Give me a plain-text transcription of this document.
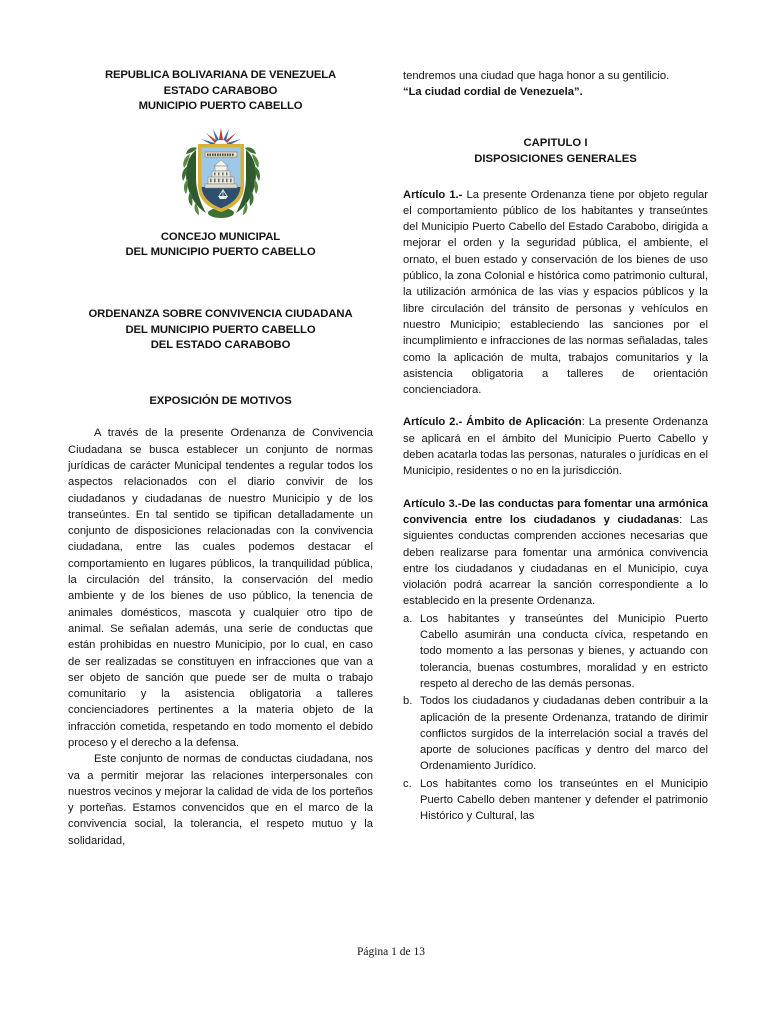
REPUBLICA BOLIVARIANA DE VENEZUELA
ESTADO CARABOBO
MUNICIPIO PUERTO CABELLO
CONCEJO MUNICIPAL
DEL MUNICIPIO PUERTO CABELLO
ORDENANZA SOBRE CONVIVENCIA CIUDADANA
DEL MUNICIPIO PUERTO CABELLO
DEL ESTADO CARABOBO
EXPOSICIÓN DE MOTIVOS

A través de la presente Ordenanza de Convivencia Ciudadana se busca establecer un conjunto de normas jurídicas de carácter Municipal tendentes a regular todos los aspectos relacionados con el diario convivir de los ciudadanos y ciudadanas de nuestro Municipio y de los transeúntes. En tal sentido se tipifican detalladamente un conjunto de disposiciones relacionadas con la convivencia ciudadana, entre las cuales podemos destacar el comportamiento en lugares públicos, la tranquilidad pública, la circulación del tránsito, la conservación del medio ambiente y de los bienes de uso público, la tenencia de animales domésticos, mascota y cualquier otro tipo de animal. Se señalan además, una serie de conductas que están prohibidas en nuestro Municipio, por lo cual, en caso de ser realizadas se constituyen en infracciones que van a ser objeto de sanción que puede ser de multa o trabajo comunitario y la asistencia obligatoria a talleres concienciadores pertinentes a la materia objeto de la infracción cometida, respetando en todo momento el debido proceso y el derecho a la defensa.

Este conjunto de normas de conductas ciudadana, nos va a permitir mejorar las relaciones interpersonales con nuestros vecinos y mejorar la calidad de vida de los porteños y porteñas. Estamos convencidos que en el marco de la convivencia social, la tolerancia, el respeto mutuo y la solidaridad,

tendremos una ciudad que haga honor a su gentilicio.

“La ciudad cordial de Venezuela”.

CAPITULO I
DISPOSICIONES GENERALES

Artículo 1.- La presente Ordenanza tiene por objeto regular el comportamiento público de los habitantes y transeúntes del Municipio Puerto Cabello del Estado Carabobo, dirigida a mejorar el orden y la seguridad pública, el ambiente, el ornato, el buen estado y conservación de los bienes de uso público, la zona Colonial e histórica como patrimonio cultural, la utilización armónica de las vias y espacios públicos y la libre circulación del tránsito de personas y vehículos en nuestro Municipio; estableciendo las sanciones por el incumplimiento e infracciones de las normas señaladas, tales como la aplicación de multa, trabajos comunitarios y la asistencia obligatoria a talleres de orientación concienciadora.

Artículo 2.- Ámbito de Aplicación: La presente Ordenanza se aplicará en el ámbito del Municipio Puerto Cabello y deben acatarla todas las personas, naturales o jurídicas en el Municipio, residentes o no en la jurisdicción.

Artículo 3.-De las conductas para fomentar una armónica convivencia entre los ciudadanos y ciudadanas: Las siguientes conductas comprenden acciones necesarias que deben realizarse para fomentar una armónica convivencia entre los ciudadanos y ciudadanas en el Municipio, cuya violación podrá acarrear la sanción correspondiente a lo establecido en la presente Ordenanza.

a. Los habitantes y transeúntes del Municipio Puerto Cabello asumirán una conducta cívica, respetando en todo momento a las personas y bienes, y actuando con tolerancia, buenas costumbres, moralidad y en estricto respeto al derecho de las demás personas.
b. Todos los ciudadanos y ciudadanas deben contribuir a la aplicación de la presente Ordenanza, tratando de dirimir conflictos surgidos de la interrelación social a través del aporte de soluciones pacíficas y dentro del marco del Ordenamiento Jurídico.
c. Los habitantes como los transeúntes en el Municipio Puerto Cabello deben mantener y defender el patrimonio Histórico y Cultural, las
Página 1 de 13
